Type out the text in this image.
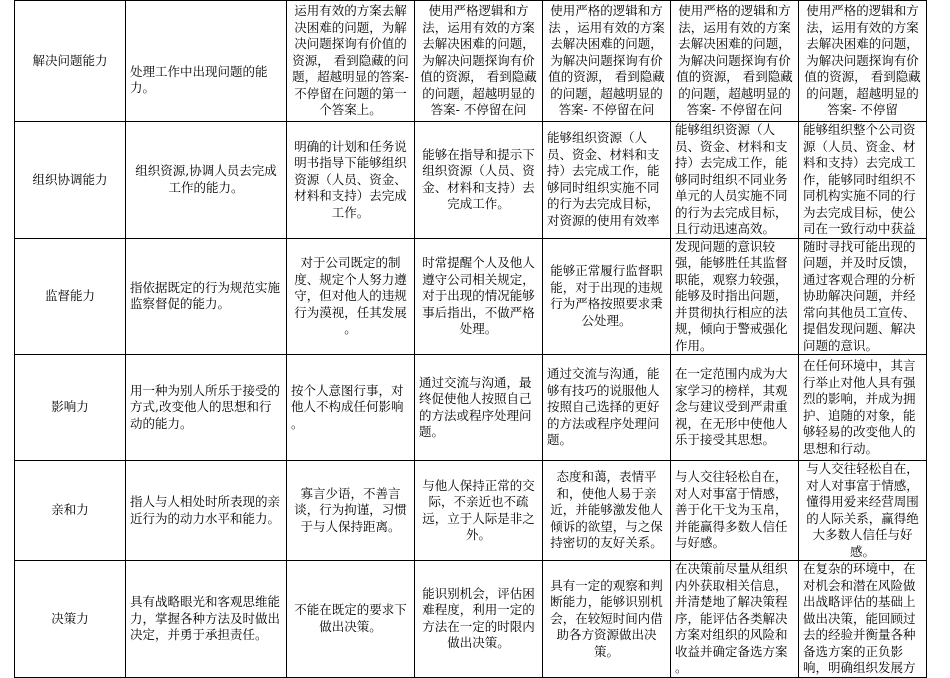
解决问题能力	处理工作中出现问题的能力。	运用有效的方案去解决困难的问题，为解决问题探询有价值的资源， 看到隐藏的问题，超越明显的答案- 不停留在问题的第一个答案上。	使用严格逻辑和方法，运用有效的方案去解决困难的问题，为解决问题探询有价值的资源， 看到隐藏的问题，超越明显的答案- 不停留在问	使用严格的逻辑和方法 ，运用有效的方案去解决困难的问题，为解决问题探询有价值的资源， 看到隐藏的问题，超越明显的答案- 不停留在问	使用严格的逻辑和方法，运用有效的方案去解决困难的问题，为解决问题探询有价值的资源， 看到隐藏的问题，超越明显的答案- 不停留在问	使用严格的逻辑和方法，运用有效的方案去解决困难的问题，为解决问题探询有价值的资源， 看到隐藏的问题，超越明显的答案- 不停留
组织协调能力	组织资源,协调人员去完成工作的能力。	明确的计划和任务说明书指导下能够组织资源（人员、资金、材料和支持）去完成工作。	能够在指导和提示下组织资源（人员、资金、材料和支持）去完成工作。	能够组织资源（人员、资金、材料和支持）去完成工作，能够同时组织实施不同的行为去完成目标，对资源的使用有效率	能够组织资源（人员、资金、材料和支持）去完成工作，能够同时组织不同业务单元的人员实施不同的行为去完成目标，且行动迅速高效。	能够组织整个公司资源（人员、资金、材料和支持）去完成工作，能够同时组织不同机构实施不同的行为去完成目标，使公司在一致行动中获益
监督能力	指依据既定的行为规范实施监察督促的能力。	对于公司既定的制度、规定个人努力遵守，但对他人的违规行为漠视，任其发展 。	时常提醒个人及他人遵守公司相关规定，对于出现的情况能够事后指出，不做严格处理。	能够正常履行监督职能，对于出现的违规行为严格按照要求秉公处理。	发现问题的意识较强，能够胜任其监督职能，观察力较强，能够及时指出问题，并贯彻执行相应的法规，倾向于警戒强化作用。	随时寻找可能出现的问题，并及时反馈，通过客观合理的分析协助解决问题，并经常向其他员工宣传、提倡发现问题、解决问题的意识。
影响力	用一种为别人所乐于接受的方式,改变他人的思想和行动的能力。	按个人意图行事，对他人不构成任何影响 。	通过交流与沟通，最终促使他人按照自己的方法或程序处理问题。	通过交流与沟通，能够有技巧的说服他人按照自己选择的更好的方法或程序处理问题。	在一定范围内成为大家学习的榜样，其观念与建议受到严肃重视，在无形中使他人乐于接受其思想。	在任何环境中，其言行举止对他人具有强烈的影响，并成为拥护、追随的对象，能够轻易的改变他人的思想和行动。
亲和力	指人与人相处时所表现的亲近行为的动力水平和能力。	寡言少语，不善言谈，行为拘谨，习惯于与人保持距离。	与他人保持正常的交际，不亲近也不疏远，立于人际是非之外。	态度和蔼，表情平和，使他人易于亲近，并能够激发他人倾诉的欲望，与之保持密切的友好关系。	与人交往轻松自在，对人对事富于情感，善于化干戈为玉帛，并能赢得多数人信任与好感。	与人交往轻松自在，对人对事富于情感，懂得用爱来经营周围的人际关系，赢得绝大多数人信任与好感。
决策力	具有战略眼光和客观思维能力，掌握各种方法及时做出决定，并勇于承担责任。	不能在既定的要求下做出决策。	能识别机会，评估困难程度，利用一定的方法在一定的时限内做出决策。	具有一定的观察和判断能力，能够识别机会，在较短时间内借助各方资源做出决策。	在决策前尽量从组织内外获取相关信息，并清楚地了解决策程序，能评估各类解决方案对组织的风险和收益并确定备选方案 。	在复杂的环境中，在对机会和潜在风险做出战略评估的基础上做出决策，能回顾过去的经验并衡量各种备选方案的正负影响，明确组织发展方
